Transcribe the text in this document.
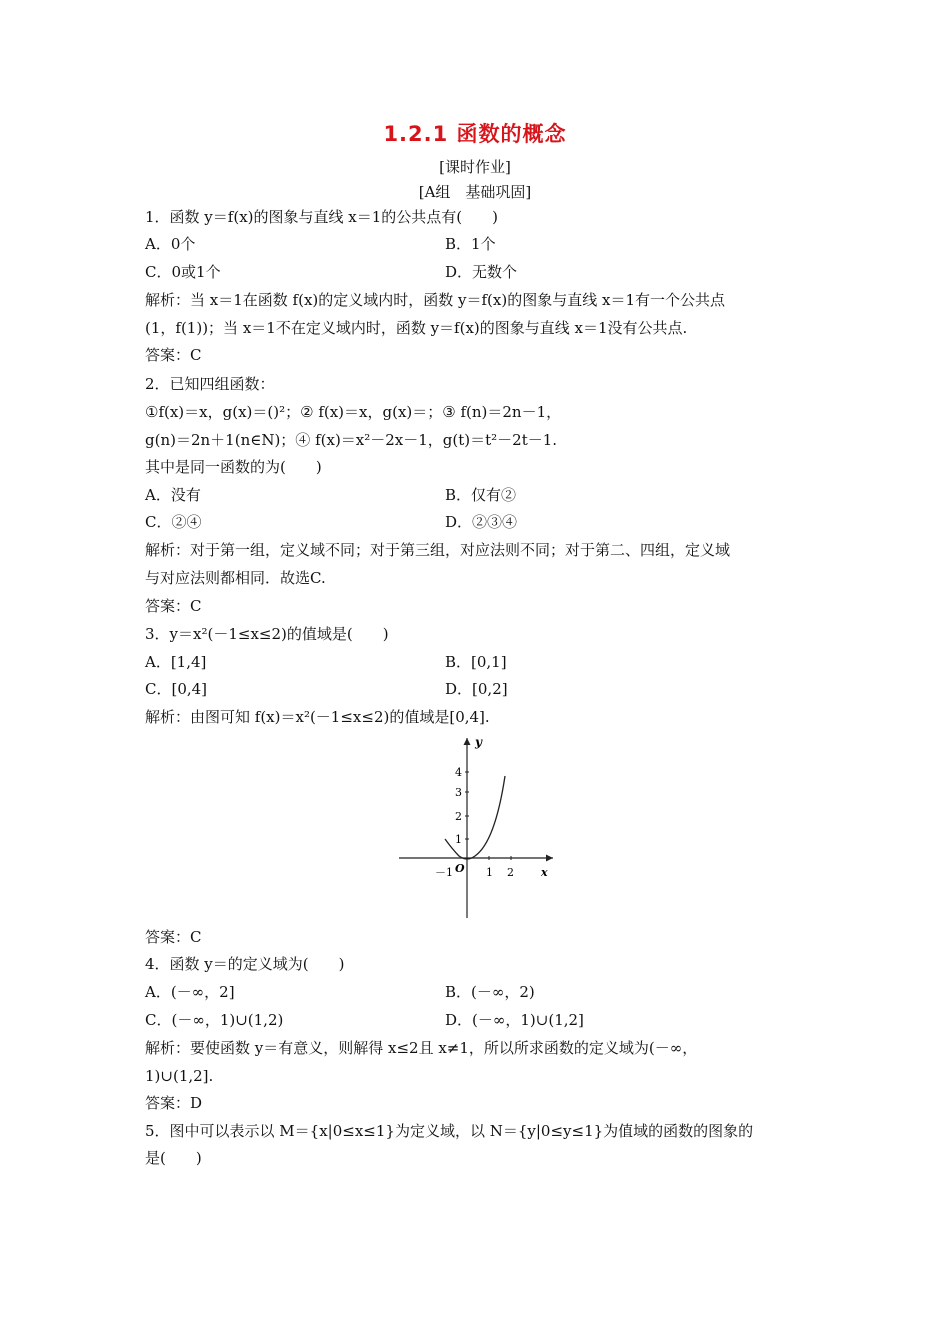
1.2.1 函数的概念
[课时作业]
[A组　基础巩固]
1．函数 y＝f(x)的图象与直线 x＝1的公共点有(　　)
A．0个	B．1个
C．0或1个	D．无数个
解析：当 x＝1在函数 f(x)的定义域内时，函数 y＝f(x)的图象与直线 x＝1有一个公共点
(1，f(1))；当 x＝1不在定义域内时，函数 y＝f(x)的图象与直线 x＝1没有公共点.
答案：C
2．已知四组函数：
①f(x)＝x，g(x)＝()²；② f(x)＝x，g(x)＝；③ f(n)＝2n－1，
g(n)＝2n＋1(n∈N)；④ f(x)＝x²－2x－1，g(t)＝t²－2t－1.
其中是同一函数的为(　　)
A．没有	B．仅有②
C．②④	D．②③④
解析：对于第一组，定义域不同；对于第三组，对应法则不同；对于第二、四组，定义域
与对应法则都相同．故选C.
答案：C
3．y＝x²(－1≤x≤2)的值域是(　　)
A．[1,4]	B．[0,1]
C．[0,4]	D．[0,2]
解析：由图可知 f(x)＝x²(－1≤x≤2)的值域是[0,4].
y
x
O
1
2
3
4
－1	1 2
答案：C
4．函数 y＝的定义域为(　　)
A．(－∞，2]	B．(－∞，2)
C．(－∞，1)∪(1,2)	D．(－∞，1)∪(1,2]
解析：要使函数 y＝有意义，则解得 x≤2且 x≠1，所以所求函数的定义域为(－∞，
1)∪(1,2].
答案：D
5．图中可以表示以 M＝{x|0≤x≤1}为定义域，以 N＝{y|0≤y≤1}为值域的函数的图象的
是(　　)
